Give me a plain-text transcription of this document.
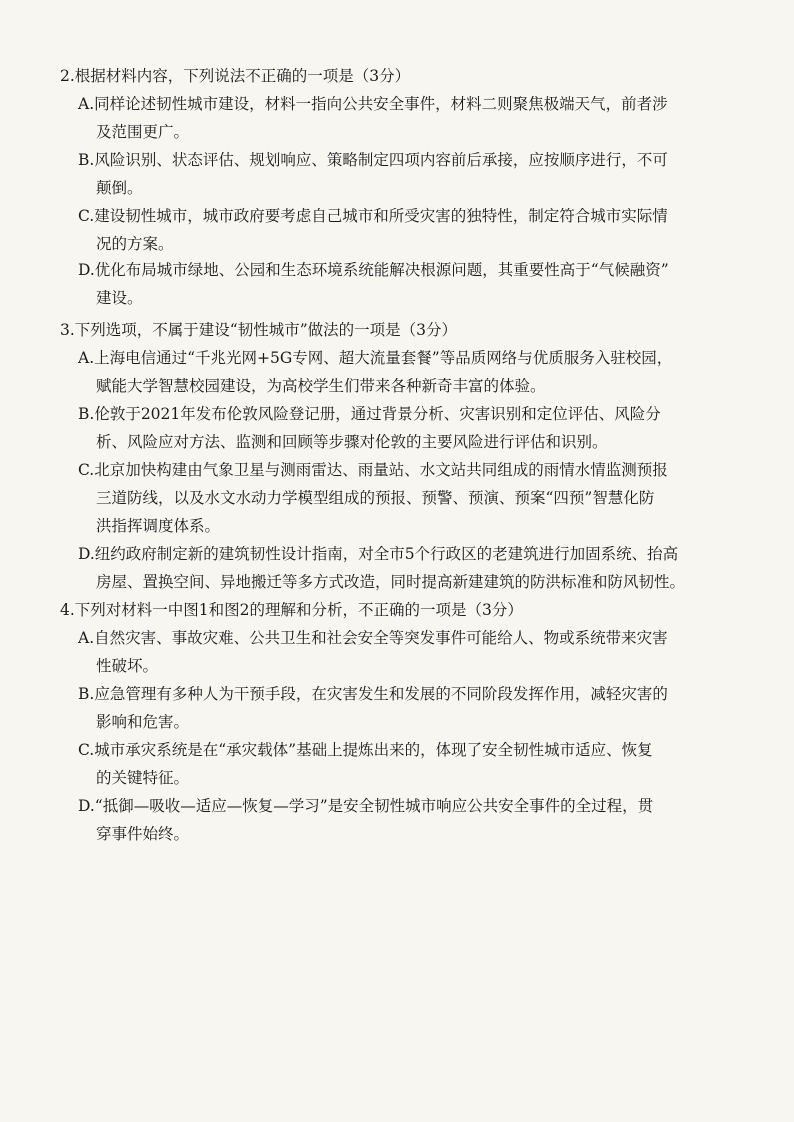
2.根据材料内容，下列说法不正确的一项是（3分）
A.同样论述韧性城市建设，材料一指向公共安全事件，材料二则聚焦极端天气，前者涉
及范围更广。
B.风险识别、状态评估、规划响应、策略制定四项内容前后承接，应按顺序进行，不可
颠倒。
C.建设韧性城市，城市政府要考虑自己城市和所受灾害的独特性，制定符合城市实际情
况的方案。
D.优化布局城市绿地、公园和生态环境系统能解决根源问题，其重要性高于“气候融资”
建设。
3.下列选项，不属于建设“韧性城市”做法的一项是（3分）
A.上海电信通过“千兆光网+5G专网、超大流量套餐”等品质网络与优质服务入驻校园，
赋能大学智慧校园建设，为高校学生们带来各种新奇丰富的体验。
B.伦敦于2021年发布伦敦风险登记册，通过背景分析、灾害识别和定位评估、风险分
析、风险应对方法、监测和回顾等步骤对伦敦的主要风险进行评估和识别。
C.北京加快构建由气象卫星与测雨雷达、雨量站、水文站共同组成的雨情水情监测预报
三道防线，以及水文水动力学模型组成的预报、预警、预演、预案“四预”智慧化防
洪指挥调度体系。
D.纽约政府制定新的建筑韧性设计指南，对全市5个行政区的老建筑进行加固系统、抬高
房屋、置换空间、异地搬迁等多方式改造，同时提高新建建筑的防洪标准和防风韧性。
4.下列对材料一中图1和图2的理解和分析，不正确的一项是（3分）
A.自然灾害、事故灾难、公共卫生和社会安全等突发事件可能给人、物或系统带来灾害
性破坏。
B.应急管理有多种人为干预手段，在灾害发生和发展的不同阶段发挥作用，减轻灾害的
影响和危害。
C.城市承灾系统是在“承灾载体”基础上提炼出来的，体现了安全韧性城市适应、恢复
的关键特征。
D.“抵御—吸收—适应—恢复—学习”是安全韧性城市响应公共安全事件的全过程，贯
穿事件始终。
